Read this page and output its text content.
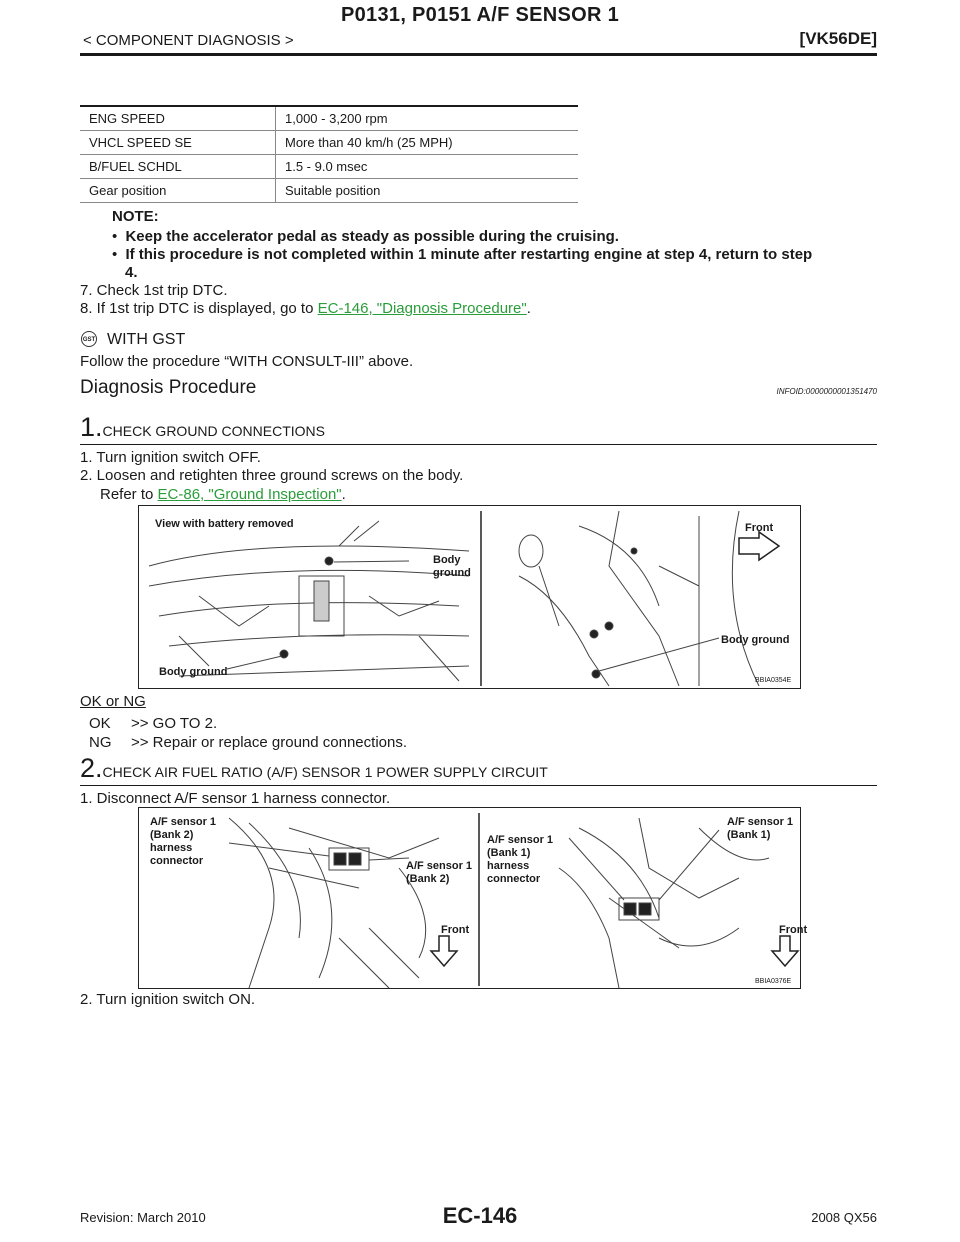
P0131, P0151 A/F SENSOR 1
< COMPONENT DIAGNOSIS >	[VK56DE]
ENG SPEED	1,000 - 3,200 rpm
VHCL SPEED SE	More than 40 km/h (25 MPH)
B/FUEL SCHDL	1.5 - 9.0 msec
Gear position	Suitable position
NOTE:
• Keep the accelerator pedal as steady as possible during the cruising.
• If this procedure is not completed within 1 minute after restarting engine at step 4, return to step
4.
7. Check 1st trip DTC.
8. If 1st trip DTC is displayed, go to EC-146, "Diagnosis Procedure".
GST WITH GST
Follow the procedure “WITH CONSULT-III” above.
Diagnosis Procedure	INFOID:0000000001351470
1.CHECK GROUND CONNECTIONS
1. Turn ignition switch OFF.
2. Loosen and retighten three ground screws on the body.
Refer to EC-86, "Ground Inspection".
View with battery removed
Body
ground
Body ground
Front
Body ground
BBIA0354E
OK or NG
OK >> GO TO 2.
NG >> Repair or replace ground connections.
2.CHECK AIR FUEL RATIO (A/F) SENSOR 1 POWER SUPPLY CIRCUIT
1. Disconnect A/F sensor 1 harness connector.
A/F sensor 1
(Bank 2)
harness
connector	A/F sensor 1
(Bank 2)
Front
A/F sensor 1
(Bank 1)
harness
connector
A/F sensor 1
(Bank 1)
Front
BBIA0376E
2. Turn ignition switch ON.
Revision: March 2010	EC-146	2008 QX56
